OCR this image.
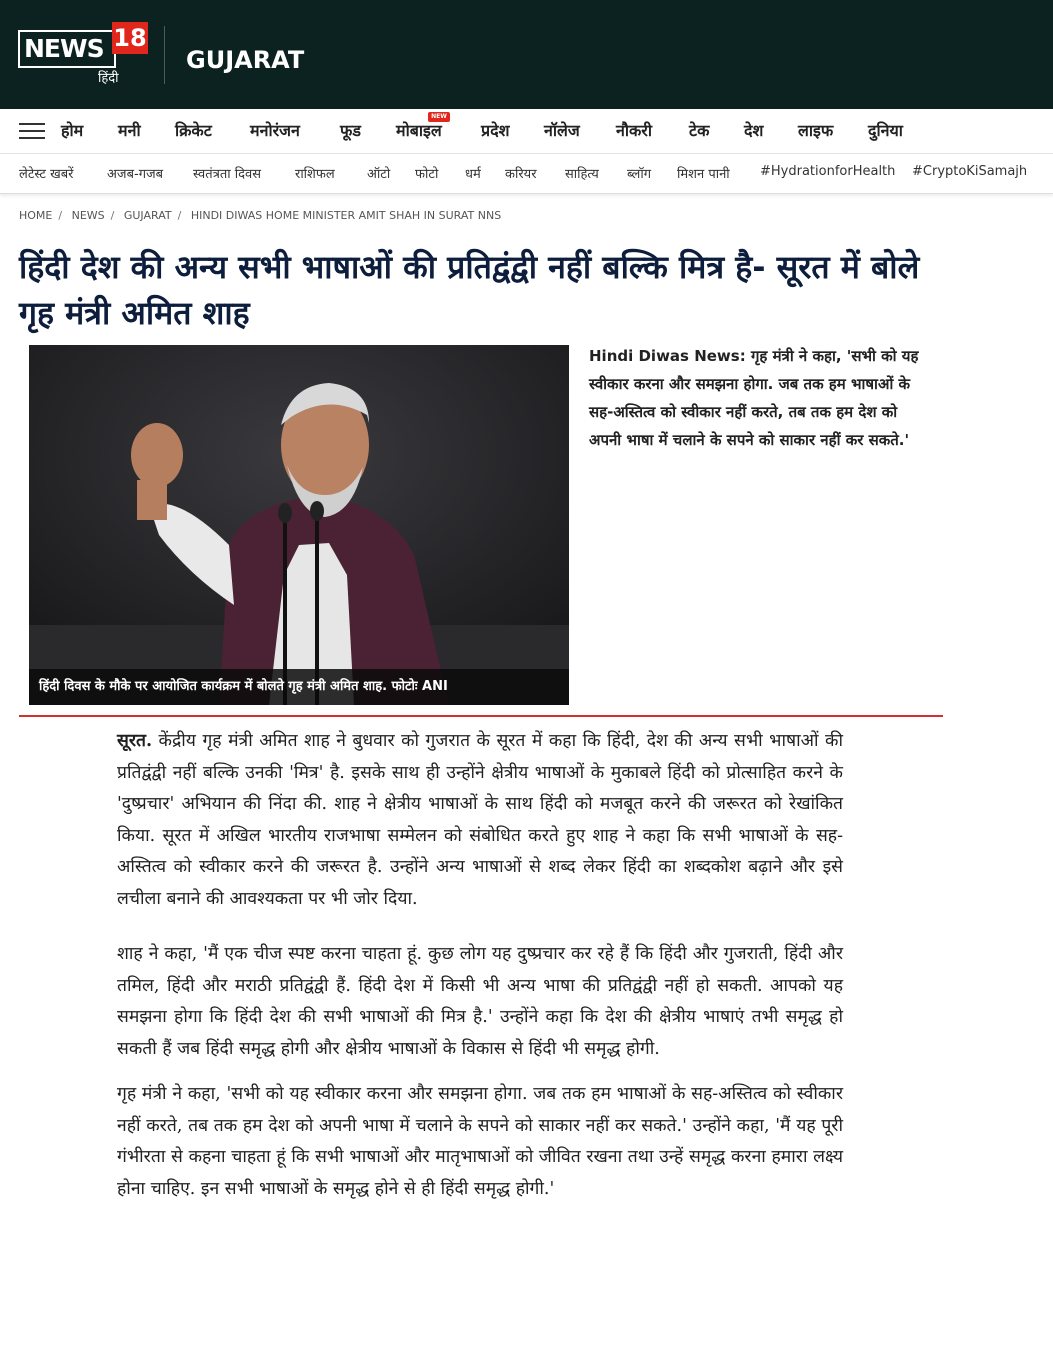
NEWS 18
हिंदी
GUJARAT
होम मनी क्रिकेट मनोरंजन	फूड
NEW
मोबाइल प्रदेश नॉलेज नौकरी टेक देश लाइफ दुनिया
लेटेस्ट खबरें	अजब-गजब स्वतंत्रता दिवस	राशिफल ऑटो फोटो धर्म करियर साहित्य ब्लॉग मिशन पानी #HydrationforHealth #CryptoKiSamajh
HOME / NEWS / GUJARAT / HINDI DIWAS HOME MINISTER AMIT SHAH IN SURAT NNS
हिंदी देश की अन्य सभी भाषाओं की प्रतिद्वंद्वी नहीं बल्कि मित्र है- सूरत में बोले गृह मंत्री अमित शाह
हिंदी दिवस के मौके पर आयोजित कार्यक्रम में बोलते गृह मंत्री अमित शाह. फोटोः ANI
Hindi Diwas News: गृह मंत्री ने कहा, 'सभी को यह स्वीकार करना और समझना होगा. जब तक हम भाषाओं के सह-अस्तित्व को स्वीकार नहीं करते, तब तक हम देश को अपनी भाषा में चलाने के सपने को साकार नहीं कर सकते.'

सूरत. केंद्रीय गृह मंत्री अमित शाह ने बुधवार को गुजरात के सूरत में कहा कि हिंदी, देश की अन्य सभी भाषाओं की प्रतिद्वंद्वी नहीं बल्कि उनकी 'मित्र' है. इसके साथ ही उन्होंने क्षेत्रीय भाषाओं के मुकाबले हिंदी को प्रोत्साहित करने के 'दुष्प्रचार' अभियान की निंदा की. शाह ने क्षेत्रीय भाषाओं के साथ हिंदी को मजबूत करने की जरूरत को रेखांकित किया. सूरत में अखिल भारतीय राजभाषा सम्मेलन को संबोधित करते हुए शाह ने कहा कि सभी भाषाओं के सह-अस्तित्व को स्वीकार करने की जरूरत है. उन्होंने अन्य भाषाओं से शब्द लेकर हिंदी का शब्दकोश बढ़ाने और इसे लचीला बनाने की आवश्यकता पर भी जोर दिया.

शाह ने कहा, 'मैं एक चीज स्पष्ट करना चाहता हूं. कुछ लोग यह दुष्प्रचार कर रहे हैं कि हिंदी और गुजराती, हिंदी और तमिल, हिंदी और मराठी प्रतिद्वंद्वी हैं. हिंदी देश में किसी भी अन्य भाषा की प्रतिद्वंद्वी नहीं हो सकती. आपको यह समझना होगा कि हिंदी देश की सभी भाषाओं की मित्र है.' उन्होंने कहा कि देश की क्षेत्रीय भाषाएं तभी समृद्ध हो सकती हैं जब हिंदी समृद्ध होगी और क्षेत्रीय भाषाओं के विकास से हिंदी भी समृद्ध होगी.

गृह मंत्री ने कहा, 'सभी को यह स्वीकार करना और समझना होगा. जब तक हम भाषाओं के सह-अस्तित्व को स्वीकार नहीं करते, तब तक हम देश को अपनी भाषा में चलाने के सपने को साकार नहीं कर सकते.' उन्होंने कहा, 'मैं यह पूरी गंभीरता से कहना चाहता हूं कि सभी भाषाओं और मातृभाषाओं को जीवित रखना तथा उन्हें समृद्ध करना हमारा लक्ष्य होना चाहिए. इन सभी भाषाओं के समृद्ध होने से ही हिंदी समृद्ध होगी.'
